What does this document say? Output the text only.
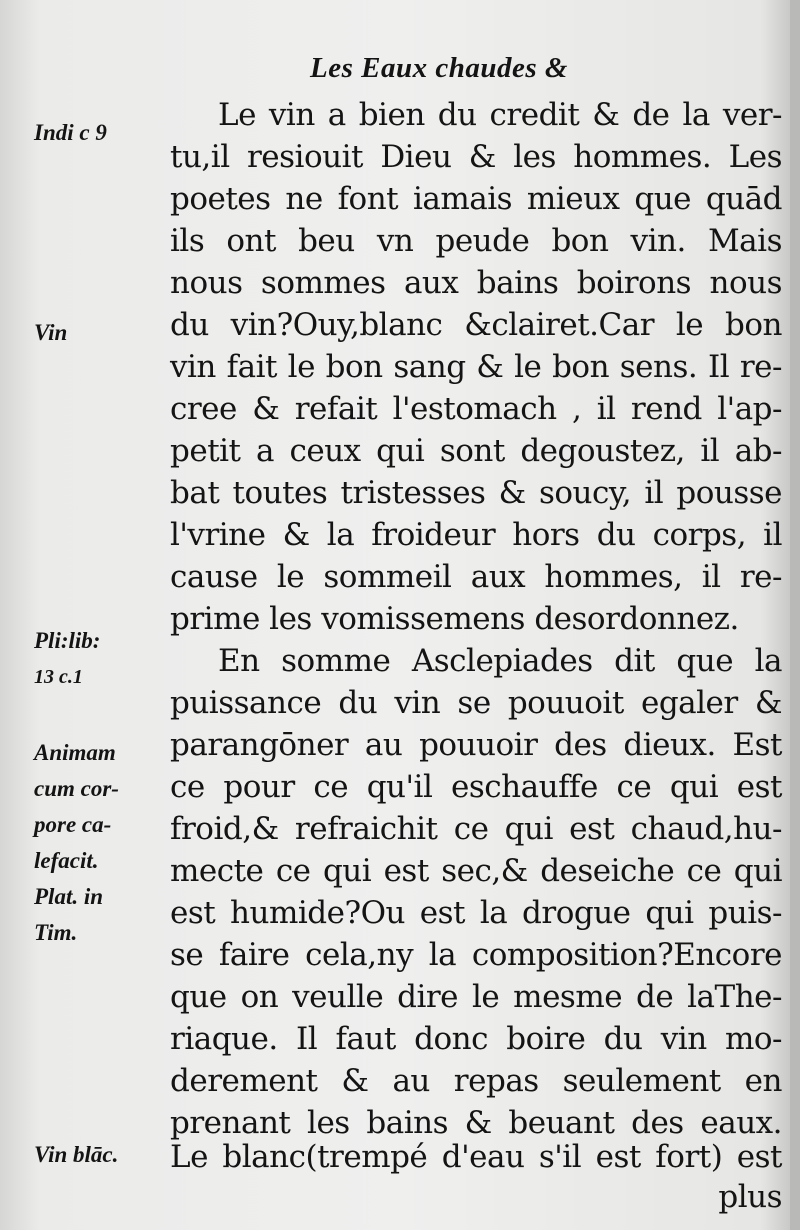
Les Eaux chaudes &
Le vin a bien du credit & de la ver-
tu,il resiouit Dieu & les hommes. Les
poetes ne font iamais mieux que quād
ils ont beu vn peude bon vin. Mais
nous sommes aux bains boirons nous
du vin?Ouy,blanc &clairet.Car le bon
vin fait le bon sang & le bon sens. Il re-
cree & refait l'estomach , il rend l'ap-
petit a ceux qui sont degoustez, il ab-
bat toutes tristesses & soucy, il pousse
l'vrine & la froideur hors du corps, il
cause le sommeil aux hommes, il re-
prime les vomissemens desordonnez.
En somme Asclepiades dit que la
puissance du vin se pouuoit egaler &
parangōner au pouuoir des dieux. Est
ce pour ce qu'il eschauffe ce qui est
froid,& refraichit ce qui est chaud,hu-
mecte ce qui est sec,& deseiche ce qui
est humide?Ou est la drogue qui puis-
se faire cela,ny la composition?Encore
que on veulle dire le mesme de laThe-
riaque. Il faut donc boire du vin mo-
derement & au repas seulement en
prenant les bains & beuant des eaux.
Le blanc(trempé d'eau s'il est fort) est
plus
Indi c 9
Vin
Pli:lib:
13 c.1
Animam
cum cor-
pore ca-
lefacit.
Plat. in
Tim.
Vin blāc.
